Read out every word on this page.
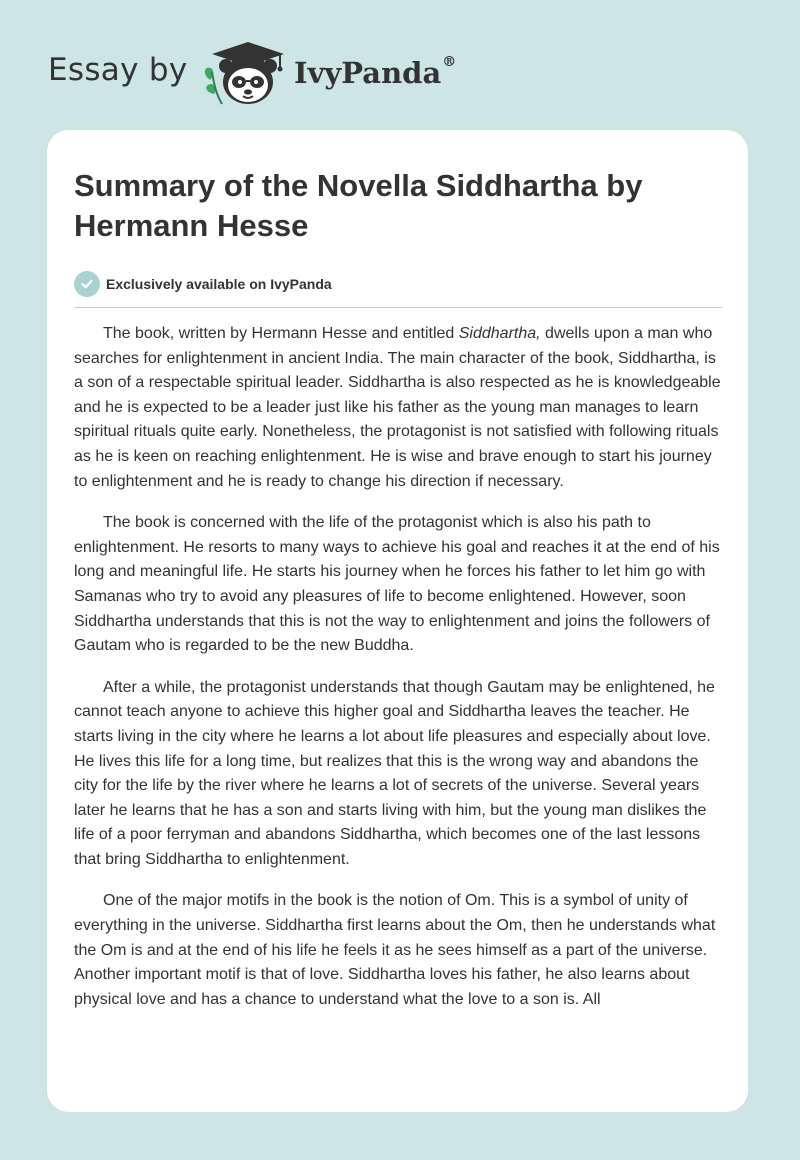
Essay by	IvyPanda®
Summary of the Novella Siddhartha by Hermann Hesse
Exclusively available on IvyPanda

The book, written by Hermann Hesse and entitled Siddhartha, dwells upon a man who searches for enlightenment in ancient India. The main character of the book, Siddhartha, is a son of a respectable spiritual leader. Siddhartha is also respected as he is knowledgeable and he is expected to be a leader just like his father as the young man manages to learn spiritual rituals quite early. Nonetheless, the protagonist is not satisfied with following rituals as he is keen on reaching enlightenment. He is wise and brave enough to start his journey to enlightenment and he is ready to change his direction if necessary.

The book is concerned with the life of the protagonist which is also his path to enlightenment. He resorts to many ways to achieve his goal and reaches it at the end of his long and meaningful life. He starts his journey when he forces his father to let him go with Samanas who try to avoid any pleasures of life to become enlightened. However, soon Siddhartha understands that this is not the way to enlightenment and joins the followers of Gautam who is regarded to be the new Buddha.

After a while, the protagonist understands that though Gautam may be enlightened, he cannot teach anyone to achieve this higher goal and Siddhartha leaves the teacher. He starts living in the city where he learns a lot about life pleasures and especially about love. He lives this life for a long time, but realizes that this is the wrong way and abandons the city for the life by the river where he learns a lot of secrets of the universe. Several years later he learns that he has a son and starts living with him, but the young man dislikes the life of a poor ferryman and abandons Siddhartha, which becomes one of the last lessons that bring Siddhartha to enlightenment.

One of the major motifs in the book is the notion of Om. This is a symbol of unity of everything in the universe. Siddhartha first learns about the Om, then he understands what the Om is and at the end of his life he feels it as he sees himself as a part of the universe. Another important motif is that of love. Siddhartha loves his father, he also learns about physical love and has a chance to understand what the love to a son is. All
